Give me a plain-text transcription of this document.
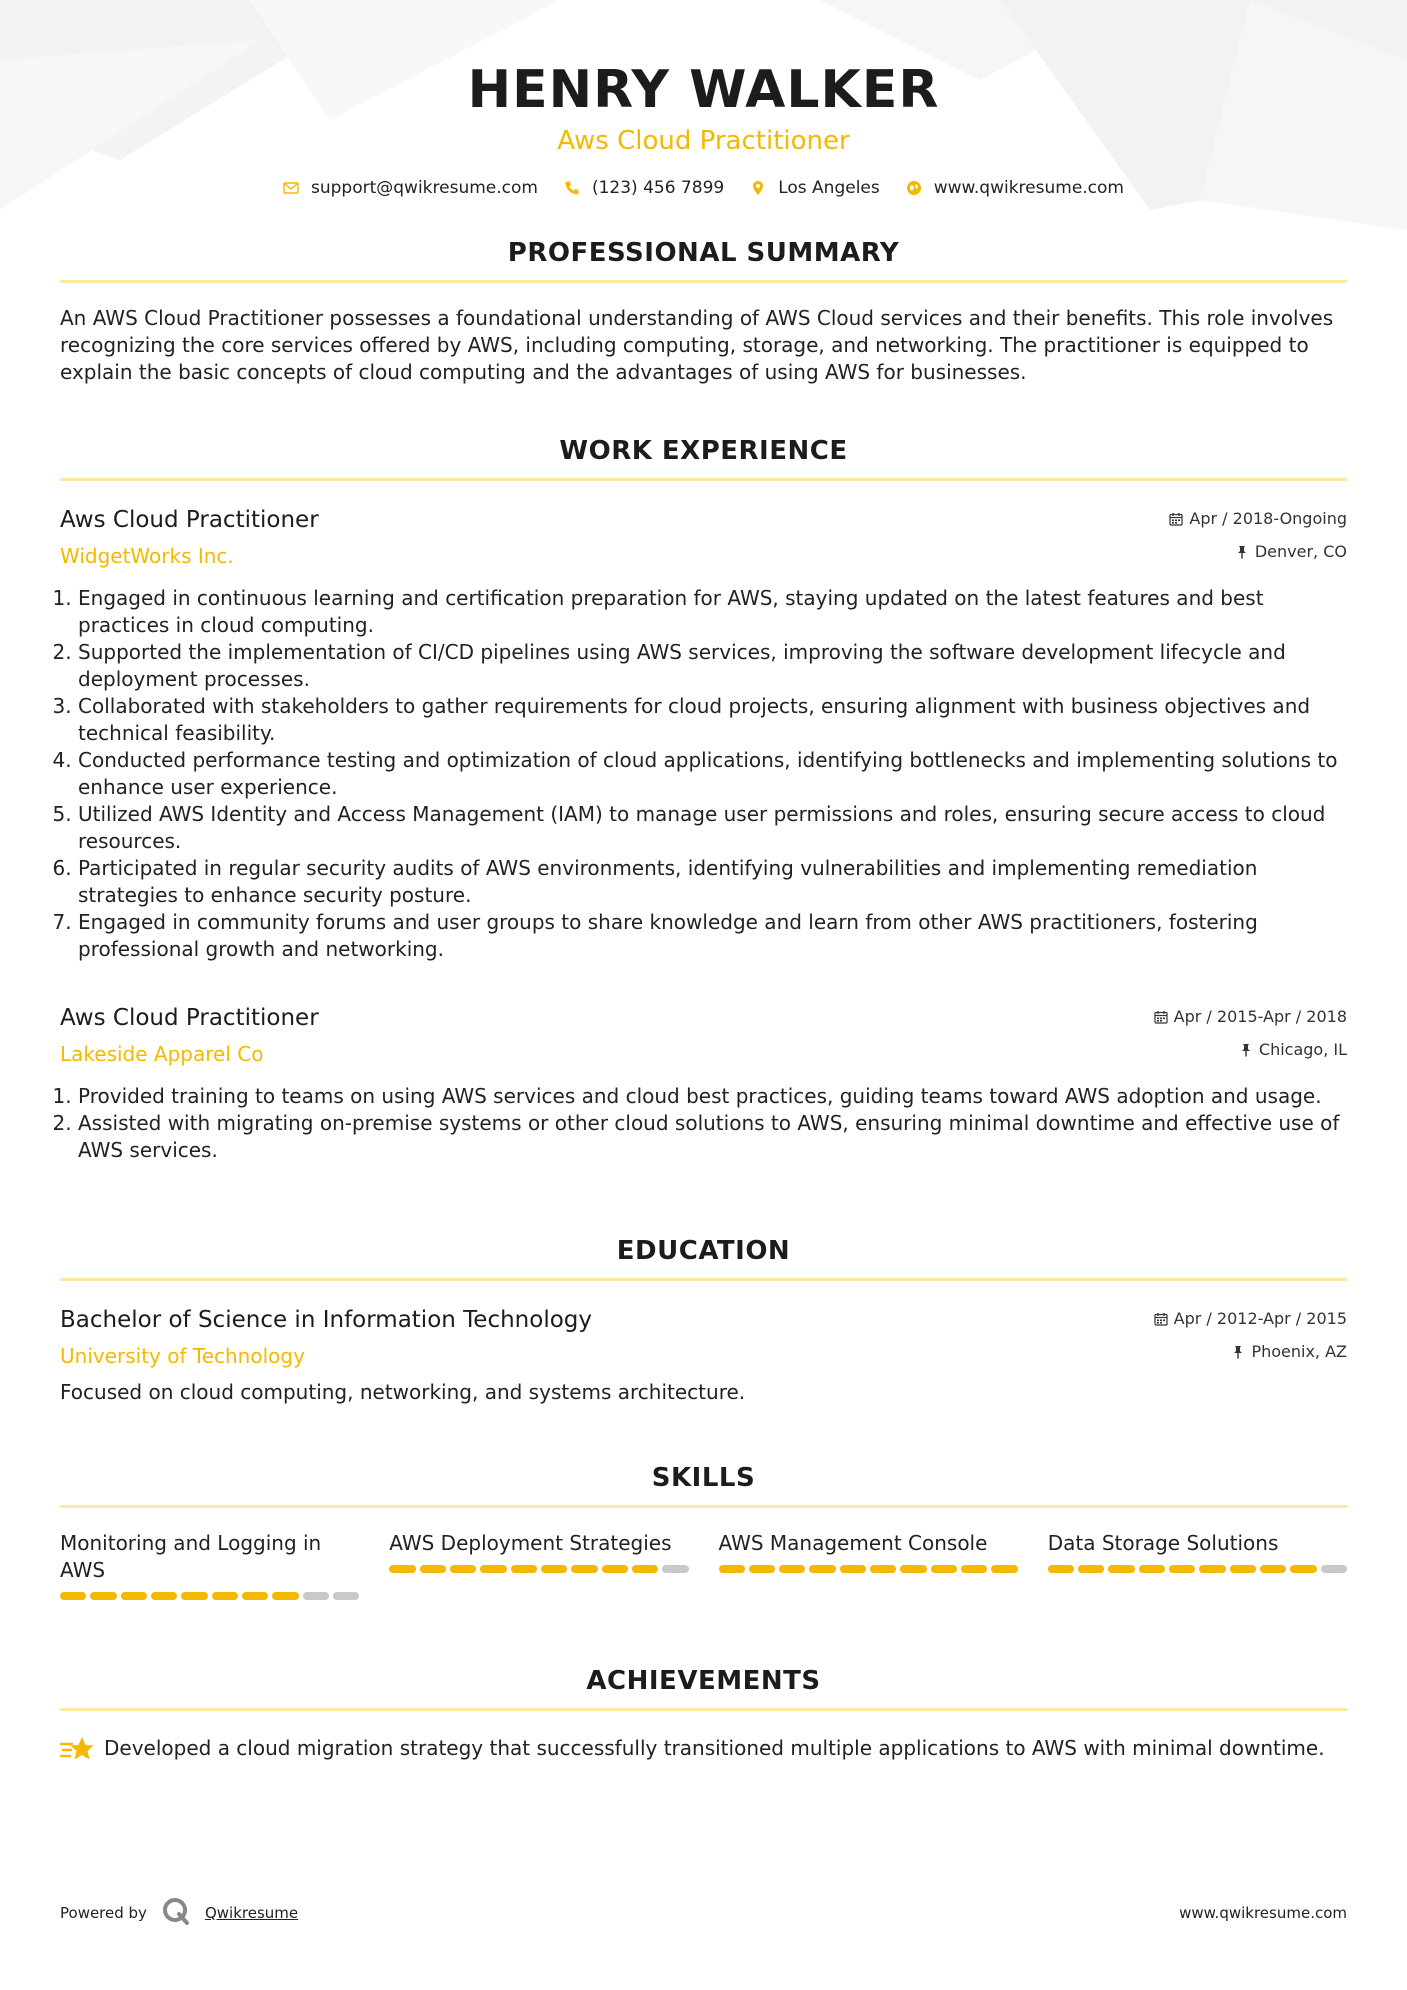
HENRY WALKER
Aws Cloud Practitioner
support@qwikresume.com	(123) 456 7899	Los Angeles	www.qwikresume.com
PROFESSIONAL SUMMARY

An AWS Cloud Practitioner possesses a foundational understanding of AWS Cloud services and their benefits. This role involves recognizing the core services offered by AWS, including computing, storage, and networking. The practitioner is equipped to explain the basic concepts of cloud computing and the advantages of using AWS for businesses.

WORK EXPERIENCE
Aws Cloud Practitioner
WidgetWorks Inc.
Apr / 2018-Ongoing
Denver, CO
1. Engaged in continuous learning and certification preparation for AWS, staying updated on the latest features and best practices in cloud computing.
2. Supported the implementation of CI/CD pipelines using AWS services, improving the software development lifecycle and deployment processes.
3. Collaborated with stakeholders to gather requirements for cloud projects, ensuring alignment with business objectives and technical feasibility.
4. Conducted performance testing and optimization of cloud applications, identifying bottlenecks and implementing solutions to enhance user experience.
5. Utilized AWS Identity and Access Management (IAM) to manage user permissions and roles, ensuring secure access to cloud resources.
6. Participated in regular security audits of AWS environments, identifying vulnerabilities and implementing remediation strategies to enhance security posture.
7. Engaged in community forums and user groups to share knowledge and learn from other AWS practitioners, fostering professional growth and networking.
Aws Cloud Practitioner
Lakeside Apparel Co
Apr / 2015-Apr / 2018
Chicago, IL
1. Provided training to teams on using AWS services and cloud best practices, guiding teams toward AWS adoption and usage.
2. Assisted with migrating on-premise systems or other cloud solutions to AWS, ensuring minimal downtime and effective use of AWS services.
EDUCATION
Bachelor of Science in Information Technology
University of Technology
Apr / 2012-Apr / 2015
Phoenix, AZ

Focused on cloud computing, networking, and systems architecture.

SKILLS
Monitoring and Logging in AWS
AWS Deployment Strategies	AWS Management Console	Data Storage Solutions
ACHIEVEMENTS
Developed a cloud migration strategy that successfully transitioned multiple applications to AWS with minimal downtime.
Powered by	Qwikresume	www.qwikresume.com
